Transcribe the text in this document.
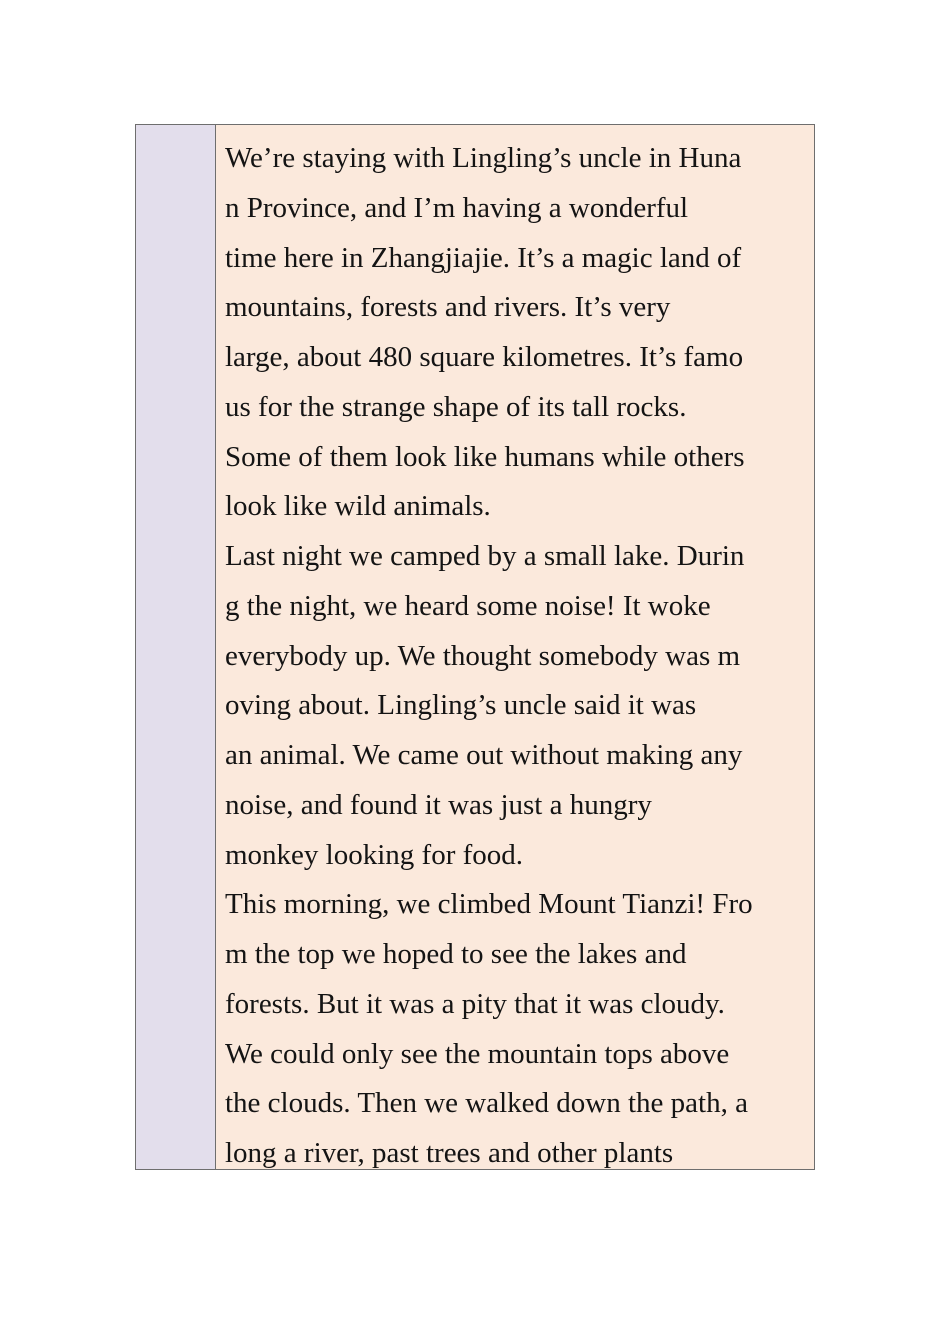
We’re staying with Lingling’s uncle in Huna

n Province, and I’m having a wonderful

time here in Zhangjiajie. It’s a magic land of

mountains, forests and rivers. It’s very

large, about 480 square kilometres. It’s famo

us for the strange shape of its tall rocks.

Some of them look like humans while others

look like wild animals.

Last night we camped by a small lake. Durin

g the night, we heard some noise! It woke

everybody up. We thought somebody was m

oving about. Lingling’s uncle said it was

an animal. We came out without making any

noise, and found it was just a hungry

monkey looking for food.

This morning, we climbed Mount Tianzi! Fro

m the top we hoped to see the lakes and

forests. But it was a pity that it was cloudy.

We could only see the mountain tops above

the clouds. Then we walked down the path, a

long a river, past trees and other plants
